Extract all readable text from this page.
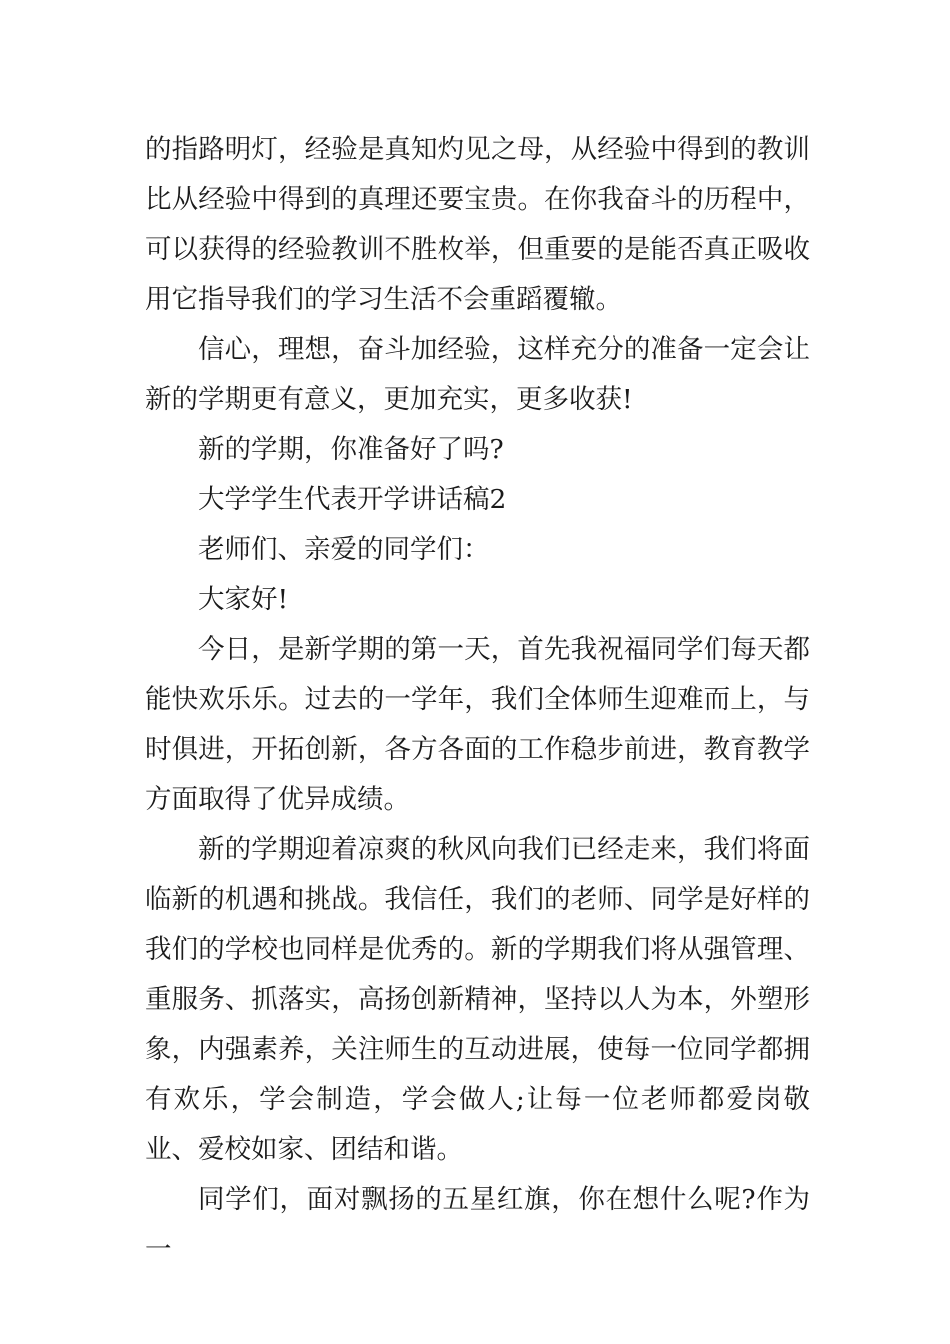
的指路明灯，经验是真知灼见之母，从经验中得到的教训比从经验中得到的真理还要宝贵。在你我奋斗的历程中，可以获得的经验教训不胜枚举，但重要的是能否真正吸收用它指导我们的学习生活不会重蹈覆辙。

信心，理想，奋斗加经验，这样充分的准备一定会让新的学期更有意义，更加充实，更多收获!

新的学期，你准备好了吗?

大学学生代表开学讲话稿2

老师们、亲爱的同学们：

大家好!

今日，是新学期的第一天，首先我祝福同学们每天都能快欢乐乐。过去的一学年，我们全体师生迎难而上，与时俱进，开拓创新，各方各面的工作稳步前进，教育教学方面取得了优异成绩。

新的学期迎着凉爽的秋风向我们已经走来，我们将面临新的机遇和挑战。我信任，我们的老师、同学是好样的我们的学校也同样是优秀的。新的学期我们将从强管理、重服务、抓落实，高扬创新精神，坚持以人为本，外塑形象，内强素养，关注师生的互动进展，使每一位同学都拥有欢乐，学会制造，学会做人;让每一位老师都爱岗敬业、爱校如家、团结和谐。

同学们，面对飘扬的五星红旗，你在想什么呢?作为一
